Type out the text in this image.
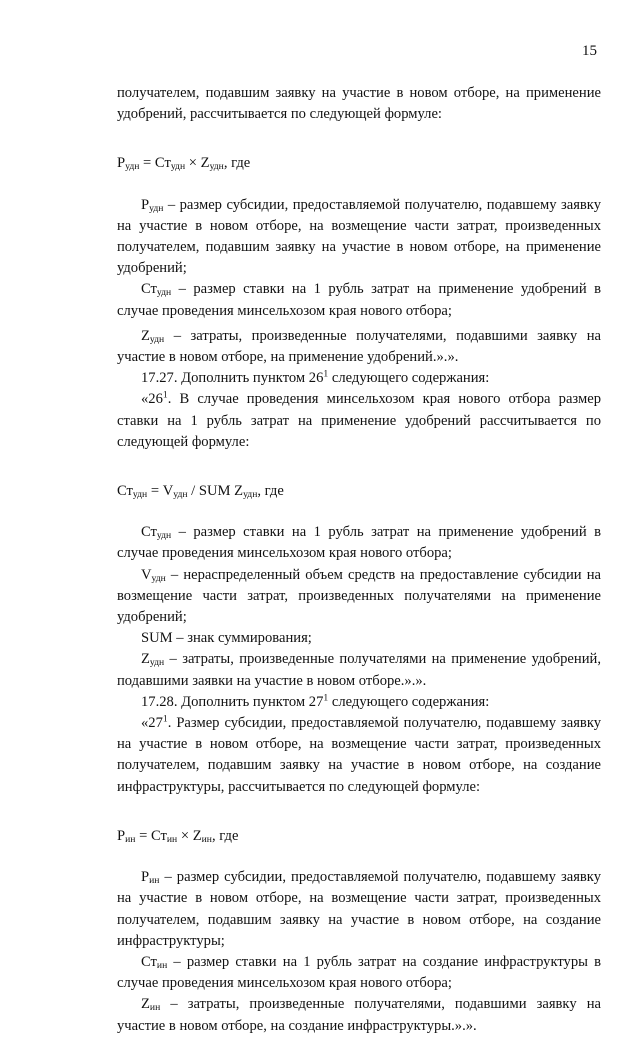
15

получателем, подавшим заявку на участие в новом отборе, на применение удобрений, рассчитывается по следующей формуле:

$P_{удн} = Ст_{удн} \times Z_{удн}$, где

$P_{удн}$ – размер субсидии, предоставляемой получателю, подавшему заявку на участие в новом отборе, на возмещение части затрат, произведенных получателем, подавшим заявку на участие в новом отборе, на применение удобрений;

$Ст_{удн}$ – размер ставки на 1 рубль затрат на применение удобрений в случае проведения минсельхозом края нового отбора;

$Z_{удн}$ – затраты, произведенные получателями, подавшими заявку на участие в новом отборе, на применение удобрений.».».

17.27. Дополнить пунктом $26^1$ следующего содержания:

«$26^1$. В случае проведения минсельхозом края нового отбора размер ставки на 1 рубль затрат на применение удобрений рассчитывается по следующей формуле:

$Ст_{удн} = V_{удн}$ / SUM $Z_{удн}$, где

$Ст_{удн}$ – размер ставки на 1 рубль затрат на применение удобрений в случае проведения минсельхозом края нового отбора;

$V_{удн}$ – нераспределенный объем средств на предоставление субсидии на возмещение части затрат, произведенных получателями на применение удобрений;

SUM – знак суммирования;

$Z_{удн}$ – затраты, произведенные получателями на применение удобрений, подавшими заявки на участие в новом отборе.».».

17.28. Дополнить пунктом $27^1$ следующего содержания:

«$27^1$. Размер субсидии, предоставляемой получателю, подавшему заявку на участие в новом отборе, на возмещение части затрат, произведенных получателем, подавшим заявку на участие в новом отборе, на создание инфраструктуры, рассчитывается по следующей формуле:

$P_{ин} = Ст_{ин} \times Z_{ин}$, где

$P_{ин}$ – размер субсидии, предоставляемой получателю, подавшему заявку на участие в новом отборе, на возмещение части затрат, произведенных получателем, подавшим заявку на участие в новом отборе, на создание инфраструктуры;

$Ст_{ин}$ – размер ставки на 1 рубль затрат на создание инфраструктуры в случае проведения минсельхозом края нового отбора;

$Z_{ин}$ – затраты, произведенные получателями, подавшими заявку на участие в новом отборе, на создание инфраструктуры.».».
